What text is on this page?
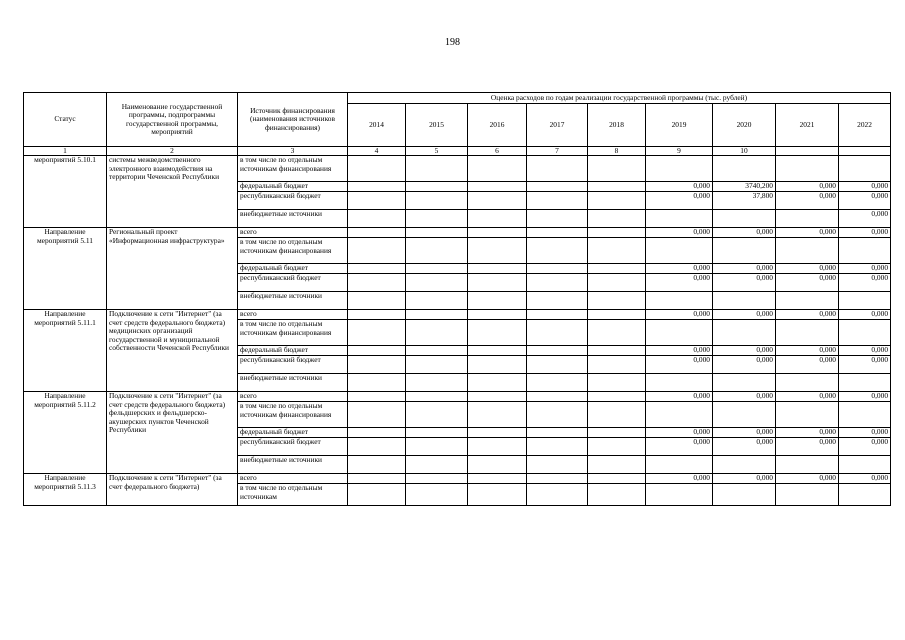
198
Статус	Наименование государственной программы, подпрограммы государственной программы, мероприятий	Источник финансирования (наименования источников финансирования)	Оценка расходов по годам реализации государственной программы (тыс. рублей)								
			2014	2015	2016	2017	2018	2019	2020	2021	2022
1	2	3	4	5	6	7	8	9	10		
мероприятий 5.10.1	системы межведомственного электронного взаимодействия на территории Чеченской Республики	в том числе по отдельным источникам финансирования									
		федеральный бюджет						0,000	3740,200	0,000	0,000
		республиканский бюджет						0,000	37,800	0,000	0,000
		внебюджетные источники									0,000
Направление мероприятий 5.11	Региональный проект «Информационная инфраструктура»	всего						0,000	0,000	0,000	0,000
		в том числе по отдельным источникам финансирования									
		федеральный бюджет						0,000	0,000	0,000	0,000
		республиканский бюджет						0,000	0,000	0,000	0,000
		внебюджетные источники									
Направление мероприятий 5.11.1	Подключение к сети "Интернет" (за счет средств федерального бюджета) медицинских организаций государственной и муниципальной собственности Чеченской Республики	всего						0,000	0,000	0,000	0,000
		в том числе по отдельным источникам финансирования									
		федеральный бюджет						0,000	0,000	0,000	0,000
		республиканский бюджет						0,000	0,000	0,000	0,000
		внебюджетные источники									
Направление мероприятий 5.11.2	Подключение к сети "Интернет" (за счет средств федерального бюджета) фельдшерских и фельдшерско-акушерских пунктов Чеченской Республики	всего						0,000	0,000	0,000	0,000
		в том числе по отдельным источникам финансирования									
		федеральный бюджет						0,000	0,000	0,000	0,000
		республиканский бюджет						0,000	0,000	0,000	0,000
		внебюджетные источники									
Направление мероприятий 5.11.3	Подключение к сети "Интернет" (за счет федерального бюджета)	всего						0,000	0,000	0,000	0,000
		в том числе по отдельным источникам									
